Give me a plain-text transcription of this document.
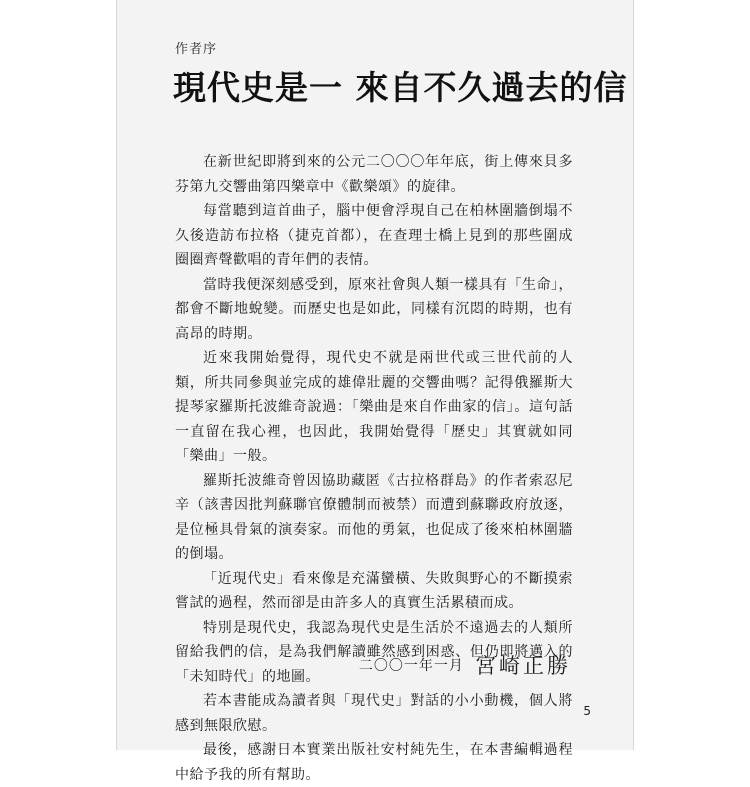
作者序
現代史是一 來自不久過去的信

在新世紀即將到來的公元二〇〇〇年年底，街上傳來貝多芬第九交響曲第四樂章中《歡樂頌》的旋律。

每當聽到這首曲子，腦中便會浮現自己在柏林圍牆倒塌不久後造訪布拉格（捷克首都），在查理士橋上見到的那些圍成圈圈齊聲歡唱的青年們的表情。

當時我便深刻感受到，原來社會與人類一樣具有「生命」，都會不斷地蛻變。而歷史也是如此，同樣有沉悶的時期，也有高昂的時期。

近來我開始覺得，現代史不就是兩世代或三世代前的人類，所共同參與並完成的雄偉壯麗的交響曲嗎？記得俄羅斯大提琴家羅斯托波維奇說過：「樂曲是來自作曲家的信」。這句話一直留在我心裡，也因此，我開始覺得「歷史」其實就如同「樂曲」一般。

羅斯托波維奇曾因協助藏匿《古拉格群島》的作者索忍尼辛（該書因批判蘇聯官僚體制而被禁）而遭到蘇聯政府放逐，是位極具骨氣的演奏家。而他的勇氣，也促成了後來柏林圍牆的倒塌。

「近現代史」看來像是充滿蠻橫、失敗與野心的不斷摸索嘗試的過程，然而卻是由許多人的真實生活累積而成。

特別是現代史，我認為現代史是生活於不遠過去的人類所留給我們的信，是為我們解讀雖然感到困惑、但仍即將邁入的「未知時代」的地圖。

若本書能成為讀者與「現代史」對話的小小動機，個人將感到無限欣慰。

最後，感謝日本實業出版社安村純先生，在本書編輯過程中給予我的所有幫助。

二〇〇一年一月 宮崎正勝
5
